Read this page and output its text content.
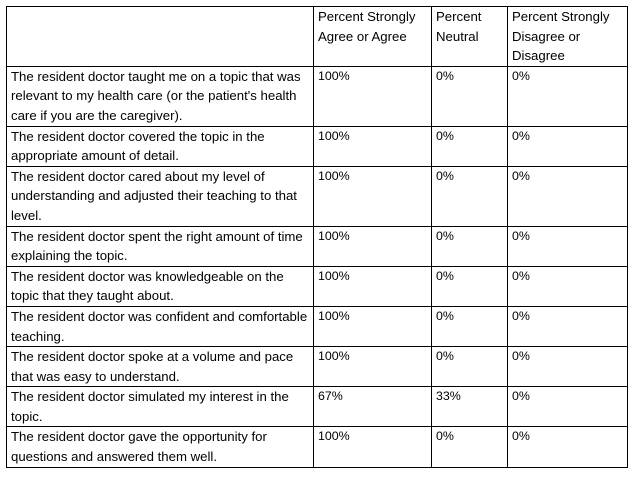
	Percent Strongly Agree or Agree	Percent Neutral	Percent Strongly Disagree or Disagree
The resident doctor taught me on a topic that was relevant to my health care (or the patient's health care if you are the caregiver).	100%	0%	0%
The resident doctor covered the topic in the appropriate amount of detail.	100%	0%	0%
The resident doctor cared about my level of understanding and adjusted their teaching to that level.	100%	0%	0%
The resident doctor spent the right amount of time explaining the topic.	100%	0%	0%
The resident doctor was knowledgeable on the topic that they taught about.	100%	0%	0%
The resident doctor was confident and comfortable teaching.	100%	0%	0%
The resident doctor spoke at a volume and pace that was easy to understand.	100%	0%	0%
The resident doctor simulated my interest in the topic.	67%	33%	0%
The resident doctor gave the opportunity for questions and answered them well.	100%	0%	0%
